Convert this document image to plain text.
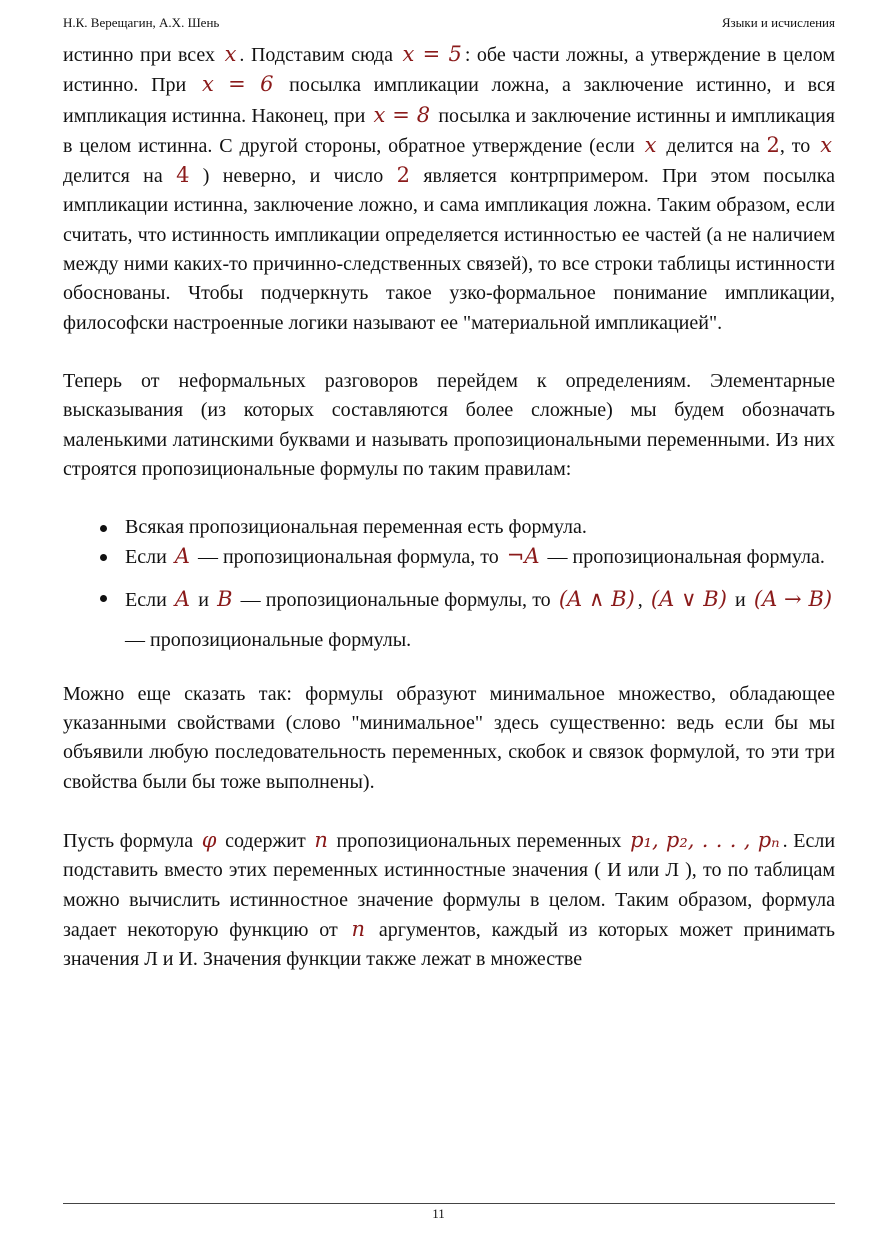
Н.К. Верещагин, А.Х. Шень	Языки и исчисления

истинно при всех x . Подставим сюда x = 5 : обе части ложны, а утверждение в целом истинно. При x = 6 посылка импликации ложна, а заключение истинно, и вся импликация истинна. Наконец, при x = 8 посылка и заключение истинны и импликация в целом истинна. С другой стороны, обратное утверждение (если x делится на 2, то x делится на 4 ) неверно, и число 2 является контрпримером. При этом посылка импликации истинна, заключение ложно, и сама импликация ложна. Таким образом, если считать, что истинность импликации определяется истинностью ее частей (а не наличием между ними каких-то причинно-следственных связей), то все строки таблицы истинности обоснованы. Чтобы подчеркнуть такое узко-формальное понимание импликации, философски настроенные логики называют ее "материальной импликацией".

Теперь от неформальных разговоров перейдем к определениям. Элементарные высказывания (из которых составляются более сложные) мы будем обозначать маленькими латинскими буквами и называть пропозициональными переменными. Из них строятся пропозициональные формулы по таким правилам:

Всякая пропозициональная переменная есть формула.
Если A — пропозициональная формула, то ¬A — пропозициональная формула.
Если A и B — пропозициональные формулы, то (A ∧ B) , (A ∨ B) и (A → B) — пропозициональные формулы.

Можно еще сказать так: формулы образуют минимальное множество, обладающее указанными свойствами (слово "минимальное" здесь существенно: ведь если бы мы объявили любую последовательность переменных, скобок и связок формулой, то эти три свойства были бы тоже выполнены).

Пусть формула φ содержит n пропозициональных переменных p₁, p₂, . . . , pₙ . Если подставить вместо этих переменных истинностные значения ( И или Л ), то по таблицам можно вычислить истинностное значение формулы в целом. Таким образом, формула задает некоторую функцию от n аргументов, каждый из которых может принимать значения Л и И. Значения функции также лежат в множестве

11
